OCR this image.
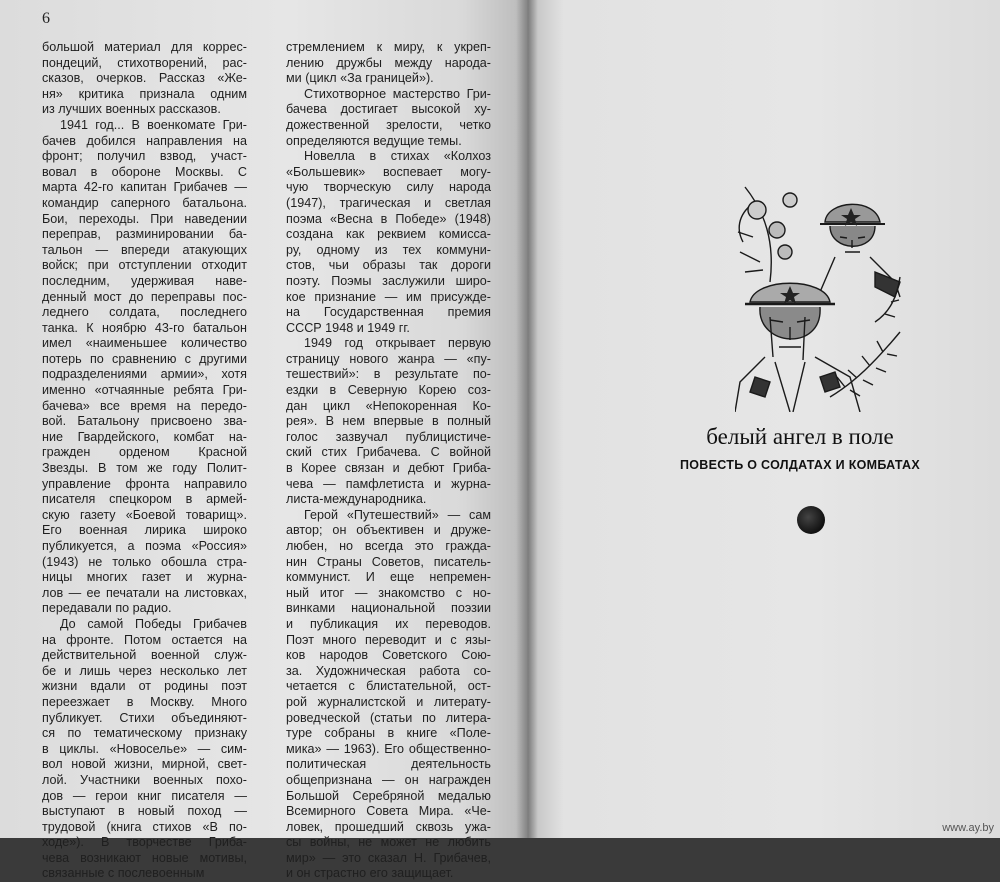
6
большой материал для коррес-
пондеций, стихотворений, рас-
сказов, очерков. Рассказ «Же-
ня» критика признала одним
из лучших военных рассказов.
1941 год... В военкомате Гри-
бачев добился направления на
фронт; получил взвод, участ-
вовал в обороне Москвы. С
марта 42-го капитан Грибачев —
командир саперного батальона.
Бои, переходы. При наведении
переправ, разминировании ба-
тальон — впереди атакующих
войск; при отступлении отходит
последним, удерживая наве-
денный мост до переправы пос-
леднего солдата, последнего
танка. К ноябрю 43-го батальон
имел «наименьшее количество
потерь по сравнению с другими
подразделениями армии», хотя
именно «отчаянные ребята Гри-
бачева» все время на передо-
вой. Батальону присвоено зва-
ние Гвардейского, комбат на-
гражден орденом Красной
Звезды. В том же году Полит-
управление фронта направило
писателя спецкором в армей-
скую газету «Боевой товарищ».
Его военная лирика широко
публикуется, а поэма «Россия»
(1943) не только обошла стра-
ницы многих газет и журна-
лов — ее печатали на листовках,
передавали по радио.
До самой Победы Грибачев
на фронте. Потом остается на
действительной военной служ-
бе и лишь через несколько лет
жизни вдали от родины поэт
переезжает в Москву. Много
публикует. Стихи объединяют-
ся по тематическому признаку
в циклы. «Новоселье» — сим-
вол новой жизни, мирной, свет-
лой. Участники военных похо-
дов — герои книг писателя —
выступают в новый поход —
трудовой (книга стихов «В по-
ходе»). В творчестве Гриба-
чева возникают новые мотивы,
связанные с послевоенным
стремлением к миру, к укреп-
лению дружбы между народа-
ми (цикл «За границей»).
Стихотворное мастерство Гри-
бачева достигает высокой ху-
дожественной зрелости, четко
определяются ведущие темы.
Новелла в стихах «Колхоз
«Большевик» воспевает могу-
чую творческую силу народа
(1947), трагическая и светлая
поэма «Весна в Победе» (1948)
создана как реквием комисса-
ру, одному из тех коммуни-
стов, чьи образы так дороги
поэту. Поэмы заслужили широ-
кое признание — им присужде-
на Государственная премия
СССР 1948 и 1949 гг.
1949 год открывает первую
страницу нового жанра — «пу-
тешествий»: в результате по-
ездки в Северную Корею соз-
дан цикл «Непокоренная Ко-
рея». В нем впервые в полный
голос зазвучал публицистиче-
ский стих Грибачева. С войной
в Корее связан и дебют Гриба-
чева — памфлетиста и журна-
листа-международника.
Герой «Путешествий» — сам
автор; он объективен и друже-
любен, но всегда это гражда-
нин Страны Советов, писатель-
коммунист. И еще непремен-
ный итог — знакомство с но-
винками национальной поэзии
и публикация их переводов.
Поэт много переводит и с язы-
ков народов Советского Сою-
за. Художническая работа со-
четается с блистательной, ост-
рой журналистской и литерату-
роведческой (статьи по литера-
туре собраны в книге «Поле-
мика» — 1963). Его общественно-
политическая деятельность
общепризнана — он награжден
Большой Серебряной медалью
Всемирного Совета Мира. «Че-
ловек, прошедший сквозь ужа-
сы войны, не может не любить
мир» — это сказал Н. Грибачев,
и он страстно его защищает.
белый ангел в поле
ПОВЕСТЬ О СОЛДАТАХ И КОМБАТАХ
www.ay.by
